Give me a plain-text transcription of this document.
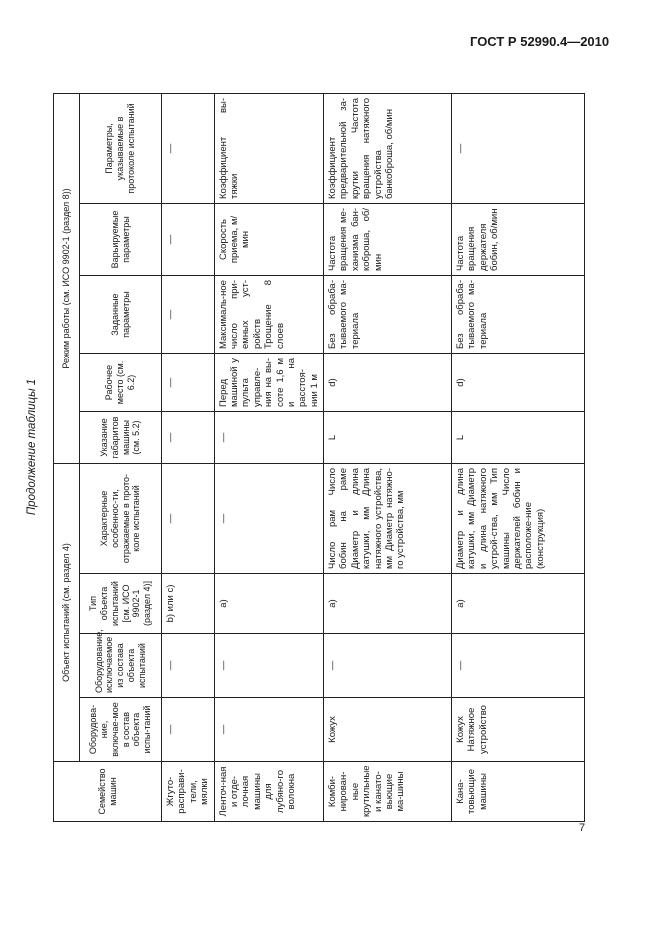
ГОСТ Р 52990.4—2010
Продолжение таблицы 1
Семейство машин	Объект испытаний (см. раздел 4)				Режим работы (см. ИСО 9902-1 (раздел 8))				
	Оборудова-ние, включае-мое в состав объекта испы-таний	Оборудование, исключаемое из состава объекта испытаний	Тип объекта испытаний [см. ИСО 9902-1 (раздел 4)]	Характерные особеннос-ти, отражаемые в прото-коле испытаний	Указание габаритов машины (см. 5.2)	Рабочее место (см. 6.2)	Заданные параметры	Варьируемые параметры	Параметры, указываемые в протоколе испытаний
Жгуто-расправи-тели, мялки	—	—	b) или c)	—	—	—	—	—	—
Ленточ-ная и отде-лочная машины для лубяно-го волокна	—	—	a)	—	—	Перед машиной у пульта управле-ния на вы-соте 1,6 м и на расстоя-нии 1 м	Максималь-ное число при-емных уст-ройств Трощение 8 слоев	Скорость приема, м/мин	Коэффициент вы-тяжки
Комби-нирован-ные крутильные и канато-вьющие ма-шины	Кожух	—	a)	Число рам Число бобин на раме Диаметр и длина катушки, мм Длина натяжного устройства, мм Диаметр натяжно-го устройства, мм	L	d)	Без обраба-тываемого ма-териала	Частота вращения ме-ханизма бан-коброша, об/мин	Коэффициент предварительной за-крутки Частота вращения натяжного устройства банкоброша, об/мин
Кана-товьющие машины	Кожух Натяжное устройство	—	a)	Диаметр и длина катушки, мм Диаметр и длина натяжного устрой-ства, мм Тип машины Число держателей бобин и расположе-ние (конструкция)	L	d)	Без обраба-тываемого ма-териала	Частота вращения держателя бобин, об/мин	—
7
